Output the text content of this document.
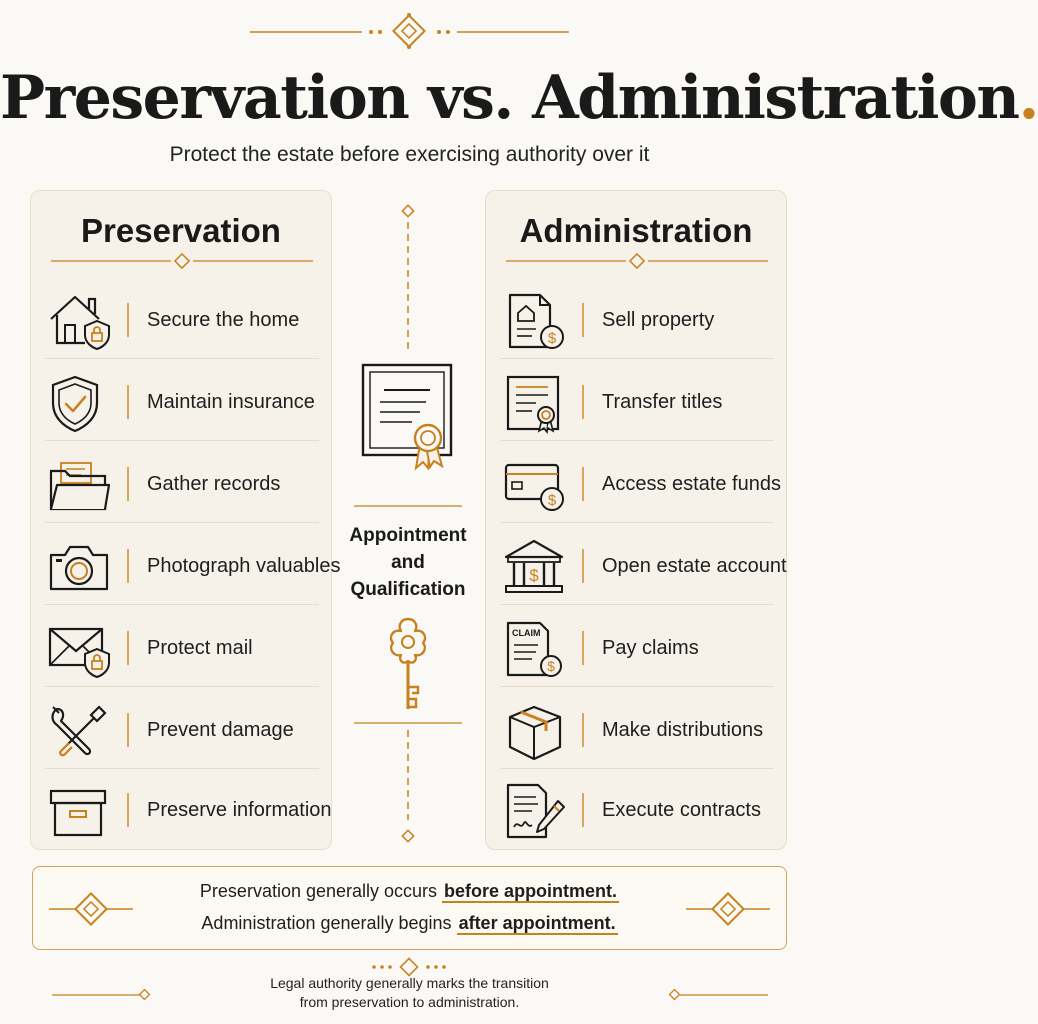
Preservation vs. Administration.
Protect the estate before exercising authority over it
Preservation
Secure the home
Maintain insurance
Gather records
Photograph valuables
Protect mail
Prevent damage
Preserve information
Appointment
and
Qualification
Administration
$
Sell property
Transfer titles
$
Access estate funds
$	Open estate account
CLAIM
$
Pay claims
Make distributions
Execute contracts
Preservation generally occurs before appointment.
Administration generally begins after appointment.
Legal authority generally marks the transition
from preservation to administration.
